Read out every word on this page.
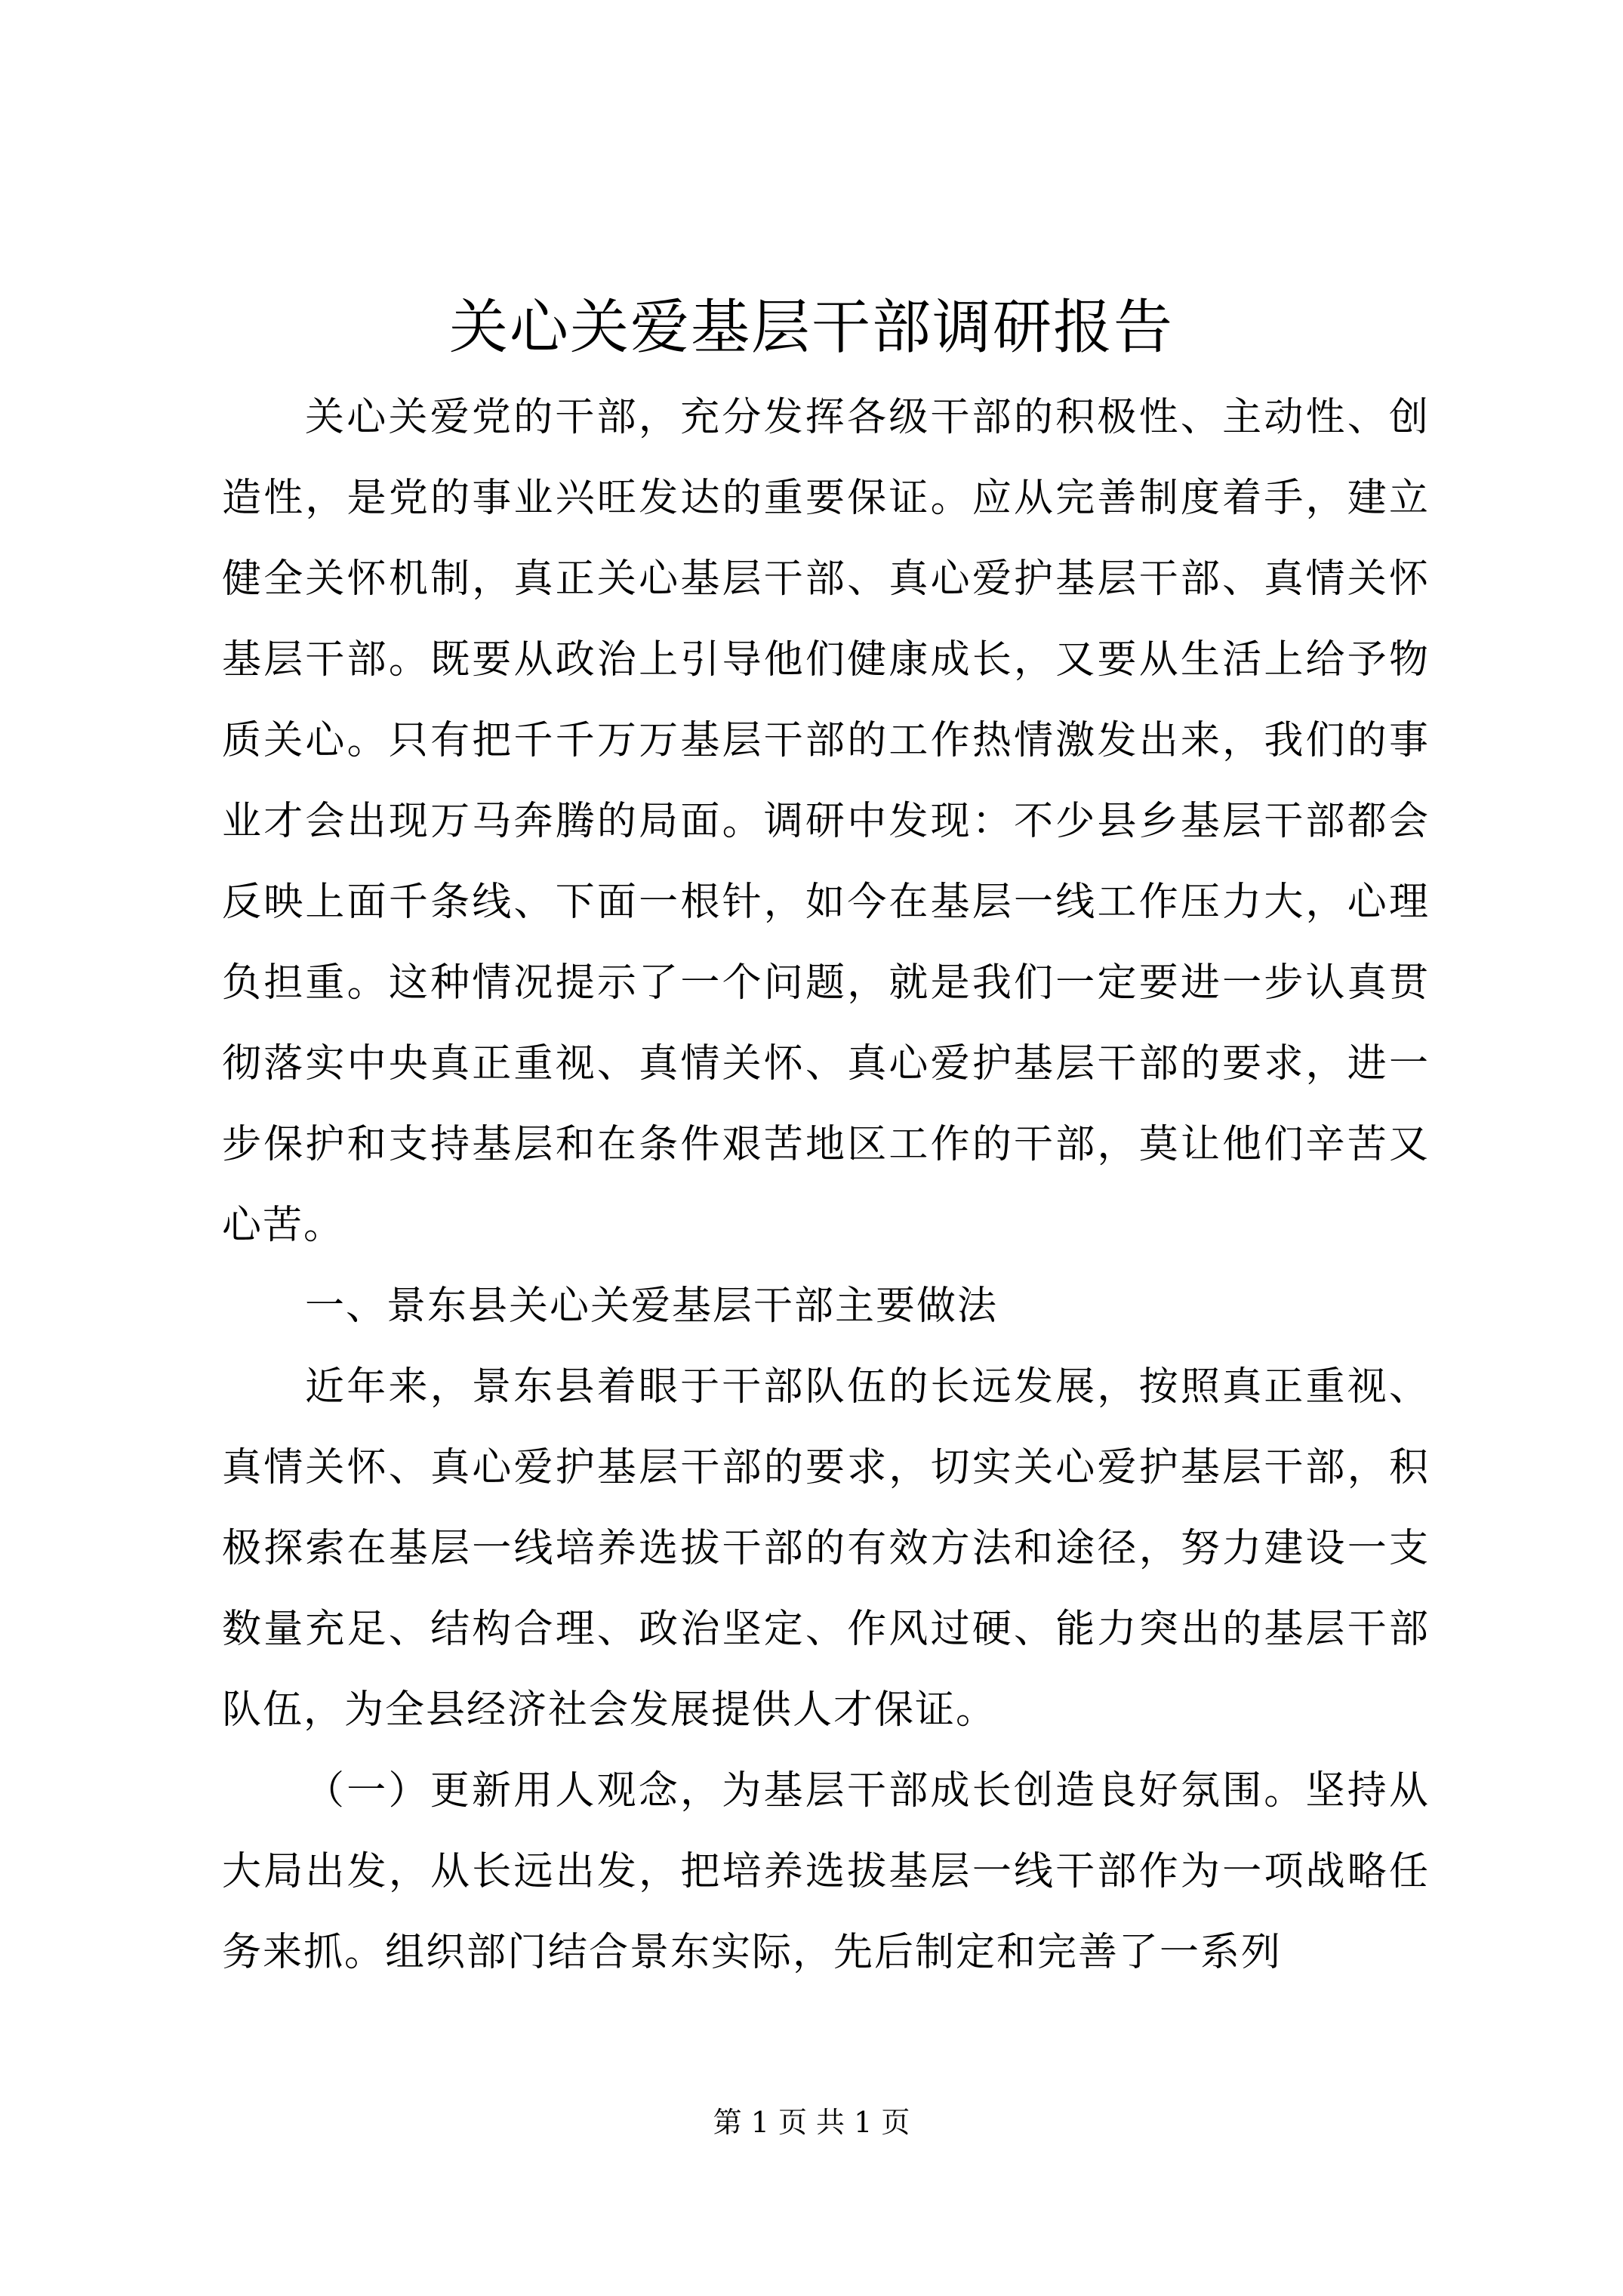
关心关爱基层干部调研报告

关心关爱党的干部，充分发挥各级干部的积极性、主动性、创造性，是党的事业兴旺发达的重要保证。应从完善制度着手，建立健全关怀机制，真正关心基层干部、真心爱护基层干部、真情关怀基层干部。既要从政治上引导他们健康成长，又要从生活上给予物质关心。只有把千千万万基层干部的工作热情激发出来，我们的事业才会出现万马奔腾的局面。调研中发现：不少县乡基层干部都会反映上面千条线、下面一根针，如今在基层一线工作压力大，心理负担重。这种情况提示了一个问题，就是我们一定要进一步认真贯彻落实中央真正重视、真情关怀、真心爱护基层干部的要求，进一步保护和支持基层和在条件艰苦地区工作的干部，莫让他们辛苦又心苦。

一、景东县关心关爱基层干部主要做法

近年来，景东县着眼于干部队伍的长远发展，按照真正重视、真情关怀、真心爱护基层干部的要求，切实关心爱护基层干部，积极探索在基层一线培养选拔干部的有效方法和途径，努力建设一支数量充足、结构合理、政治坚定、作风过硬、能力突出的基层干部队伍，为全县经济社会发展提供人才保证。

（一）更新用人观念，为基层干部成长创造良好氛围。坚持从大局出发，从长远出发，把培养选拔基层一线干部作为一项战略任务来抓。组织部门结合景东实际，先后制定和完善了一系列

第 1 页 共 1 页
